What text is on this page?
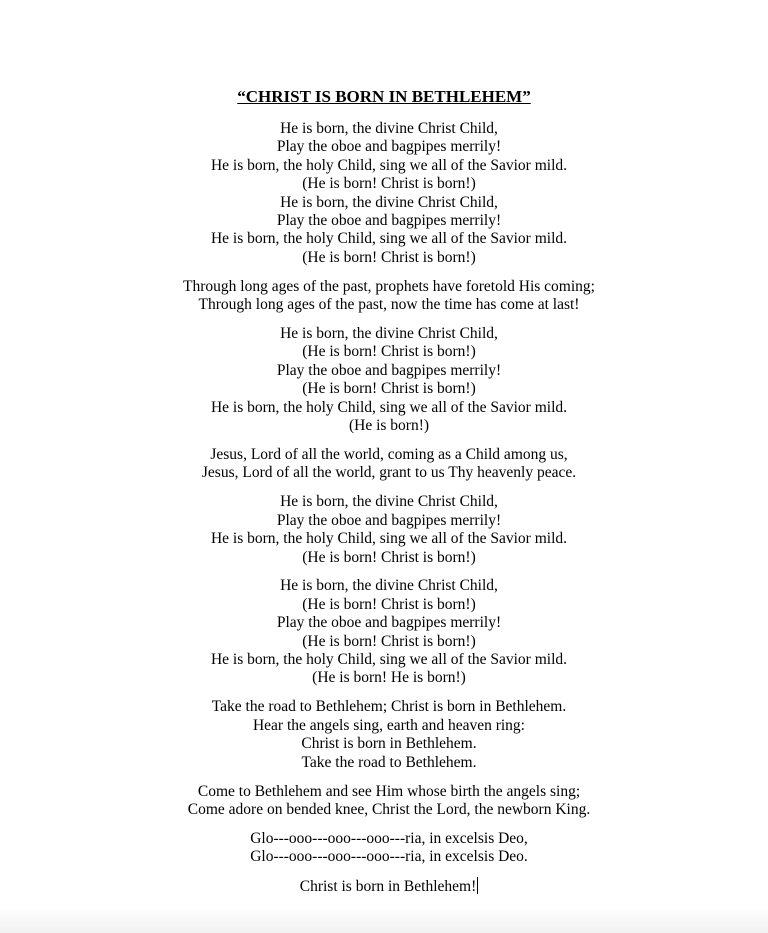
“CHRIST IS BORN IN BETHLEHEM”
He is born, the divine Christ Child,
Play the oboe and bagpipes merrily!
He is born, the holy Child, sing we all of the Savior mild.
(He is born! Christ is born!)
He is born, the divine Christ Child,
Play the oboe and bagpipes merrily!
He is born, the holy Child, sing we all of the Savior mild.
(He is born! Christ is born!)
Through long ages of the past, prophets have foretold His coming;
Through long ages of the past, now the time has come at last!
He is born, the divine Christ Child,
(He is born! Christ is born!)
Play the oboe and bagpipes merrily!
(He is born! Christ is born!)
He is born, the holy Child, sing we all of the Savior mild.
(He is born!)
Jesus, Lord of all the world, coming as a Child among us,
Jesus, Lord of all the world, grant to us Thy heavenly peace.
He is born, the divine Christ Child,
Play the oboe and bagpipes merrily!
He is born, the holy Child, sing we all of the Savior mild.
(He is born! Christ is born!)
He is born, the divine Christ Child,
(He is born! Christ is born!)
Play the oboe and bagpipes merrily!
(He is born! Christ is born!)
He is born, the holy Child, sing we all of the Savior mild.
(He is born! He is born!)
Take the road to Bethlehem; Christ is born in Bethlehem.
Hear the angels sing, earth and heaven ring:
Christ is born in Bethlehem.
Take the road to Bethlehem.
Come to Bethlehem and see Him whose birth the angels sing;
Come adore on bended knee, Christ the Lord, the newborn King.
Glo---ooo---ooo---ooo---ria, in excelsis Deo,
Glo---ooo---ooo---ooo---ria, in excelsis Deo.
Christ is born in Bethlehem!
